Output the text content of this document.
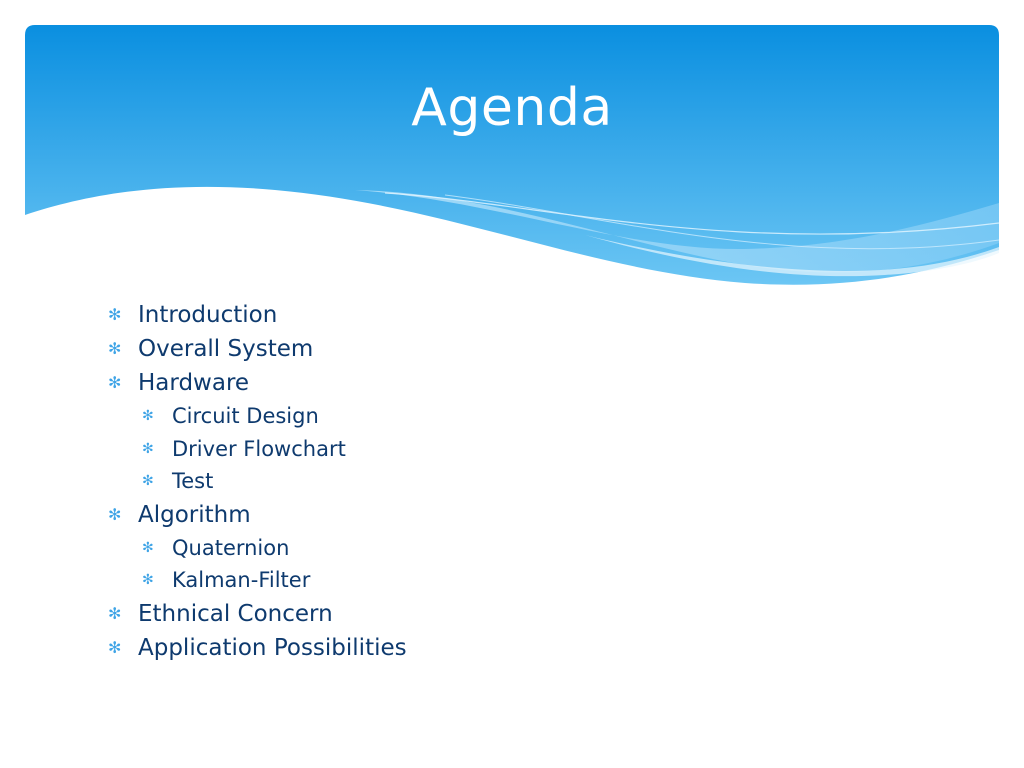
Agenda
✻ Introduction
✻ Overall System
✻ Hardware
✻ Circuit Design
✻ Driver Flowchart
✻ Test
✻ Algorithm
✻ Quaternion
✻ Kalman-Filter
✻ Ethnical Concern
✻ Application Possibilities
